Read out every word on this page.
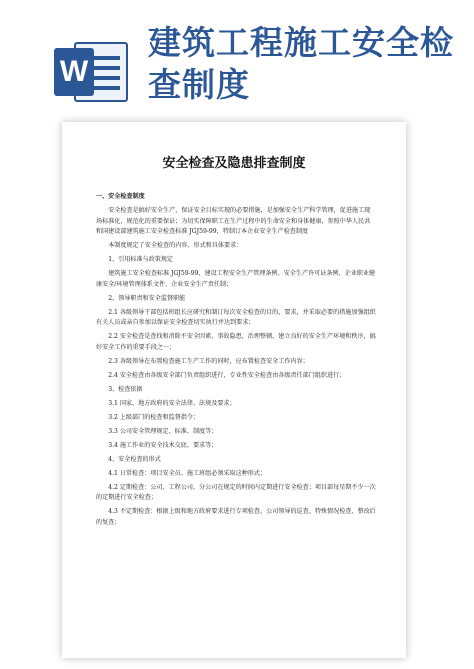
W
建筑工程施工安全检查制度
安全检查及隐患排查制度

一、安全检查制度

安全检查是搞好安全生产，保证安全目标实现的必要措施，是加强安全生产科学管理，促进施工现场标准化，规范化的重要保证；为切实保障职工在生产过程中的生命安全和身体健康，参照中华人民共和国建设部建筑施工安全检查标准 JGJ59-99，特制订本企业安全生产检查制度

本制度规定了安全检查的内容、形式和具体要求：

1、引用标准与政策规定

建筑施工安全检查标准 JGJ59-99、建设工程安全生产管理条例、安全生产许可证条例、企业职业健康安全/环境管理体系文件、企业安全生产责任制；

2、领导职责和安全监督职能

2.1 各级领导干部包括班组长应研究和制订每次安全检查的目的、要求，并采取必要的措施加强组织有关人员或亲自参加以保证安全检查切实执行并达到要求；

2.2 安全检查是查找和消除不安全因素、事故隐患，治理整顿、建立良好的安全生产环境和秩序，搞好安全工作的重要手段之一；

2.3 各级领导在布置检查施工生产工作的同时，应布置检查安全工作内容；

2.4 安全检查由各级安全部门负责组织进行，专业性安全检查由各级责任部门组织进行；

3、检查依据

3.1 国家、地方政府的安全法律、法规及要求；

3.2 上级部门的检查和监督指令；

3.3 公司安全管理规定、标准、制度等；

3.4 施工作业的安全技术交底、要求等；

4、安全检查的形式

4.1 日常检查：项目安全员、施工班组必须采取这种形式；

4.2 定期检查：公司、工程公司、分公司在规定的时间内定期进行安全检查；项目部每星期不少一次的定期进行安全检查；

4.3 不定期检查：根据上级和地方政府要求进行专项检查、公司领导的巡查、特殊情况检查、整改后的复查；
